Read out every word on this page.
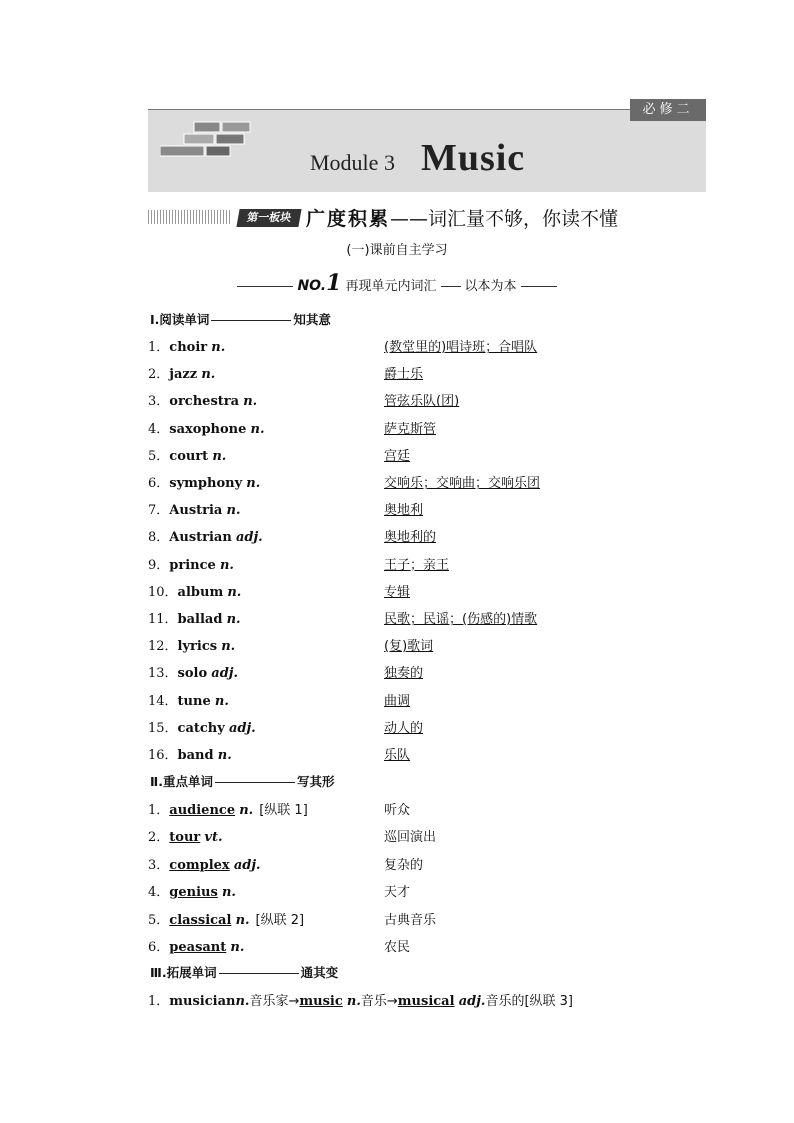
必修二
Module 3 Music
第一板块 广度积累——词汇量不够，你读不懂
(一)课前自主学习
NO.1 再现单元内词汇 以本为本
Ⅰ.阅读单词	知其意
1．choir n.	(教堂里的)唱诗班；合唱队
2．jazz n.	爵士乐
3．orchestra n.	管弦乐队(团)
4．saxophone n.	萨克斯管
5．court n.	宫廷
6．symphony n.	交响乐；交响曲；交响乐团
7．Austria n.	奥地利
8．Austrian adj.	奥地利的
9．prince n.	王子；亲王
10．album n.	专辑
11．ballad n.	民歌；民谣；(伤感的)情歌
12．lyrics n.	(复)歌词
13．solo adj.	独奏的
14．tune n.	曲调
15．catchy adj.	动人的
16．band n.	乐队
Ⅱ.重点单词	写其形
1．audience n. [纵联 1]	听众
2．tour vt.	巡回演出
3．complex adj.	复杂的
4．genius n.	天才
5．classical n. [纵联 2]	古典音乐
6．peasant n.	农民
Ⅲ.拓展单词	通其变
1．musiciann.音乐家→music n.音乐→musical adj.音乐的[纵联 3]
